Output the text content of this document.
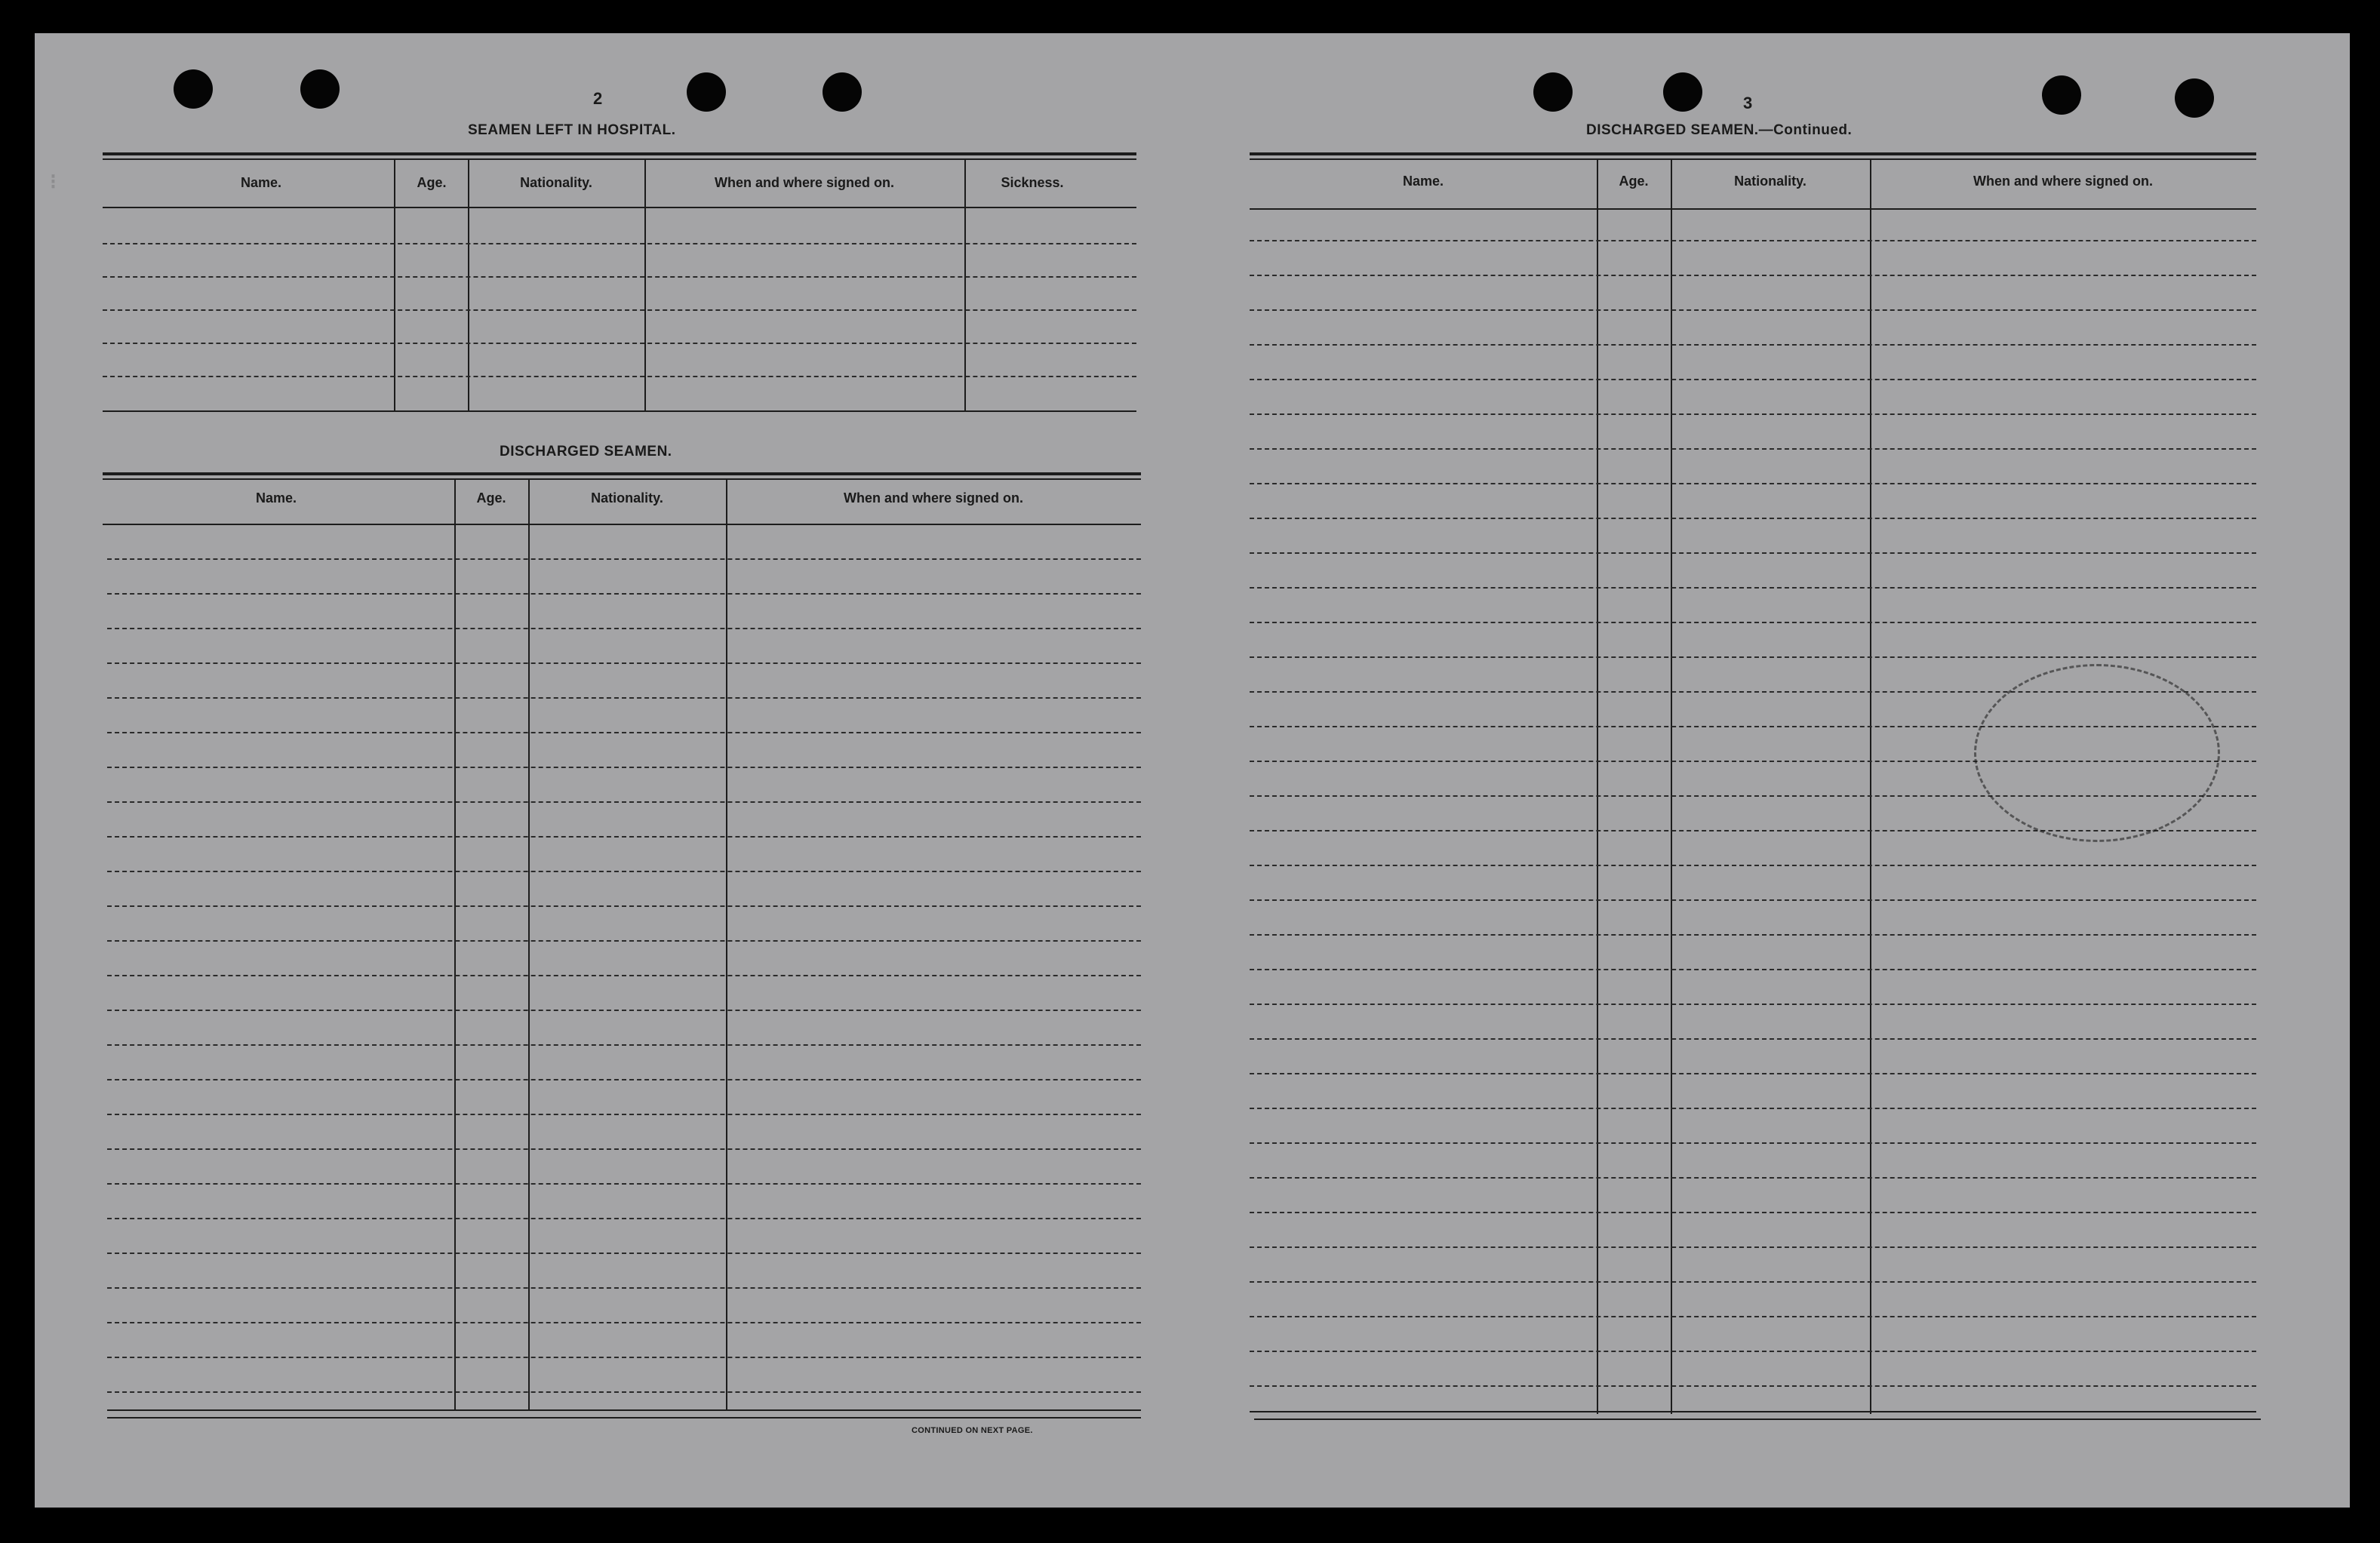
⁝
2
SEAMEN LEFT IN HOSPITAL.
Name.	Age.	Nationality.	When and where signed on.	Sickness.
DISCHARGED SEAMEN.
Name.	Age.	Nationality.	When and where signed on.
CONTINUED ON NEXT PAGE.
3
DISCHARGED SEAMEN.—Continued.
Name.	Age.	Nationality.	When and where signed on.
